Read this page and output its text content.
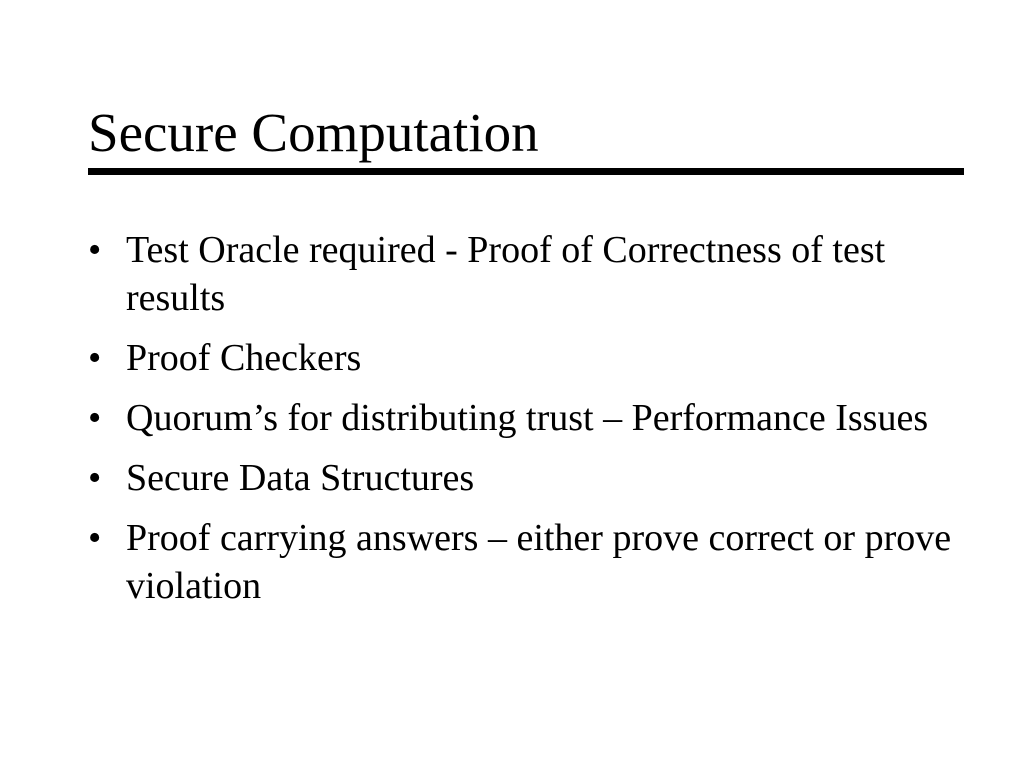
Secure Computation
• Test Oracle required - Proof of Correctness of test results
• Proof Checkers
• Quorum’s for distributing trust – Performance Issues
• Secure Data Structures
• Proof carrying answers – either prove correct or prove violation
